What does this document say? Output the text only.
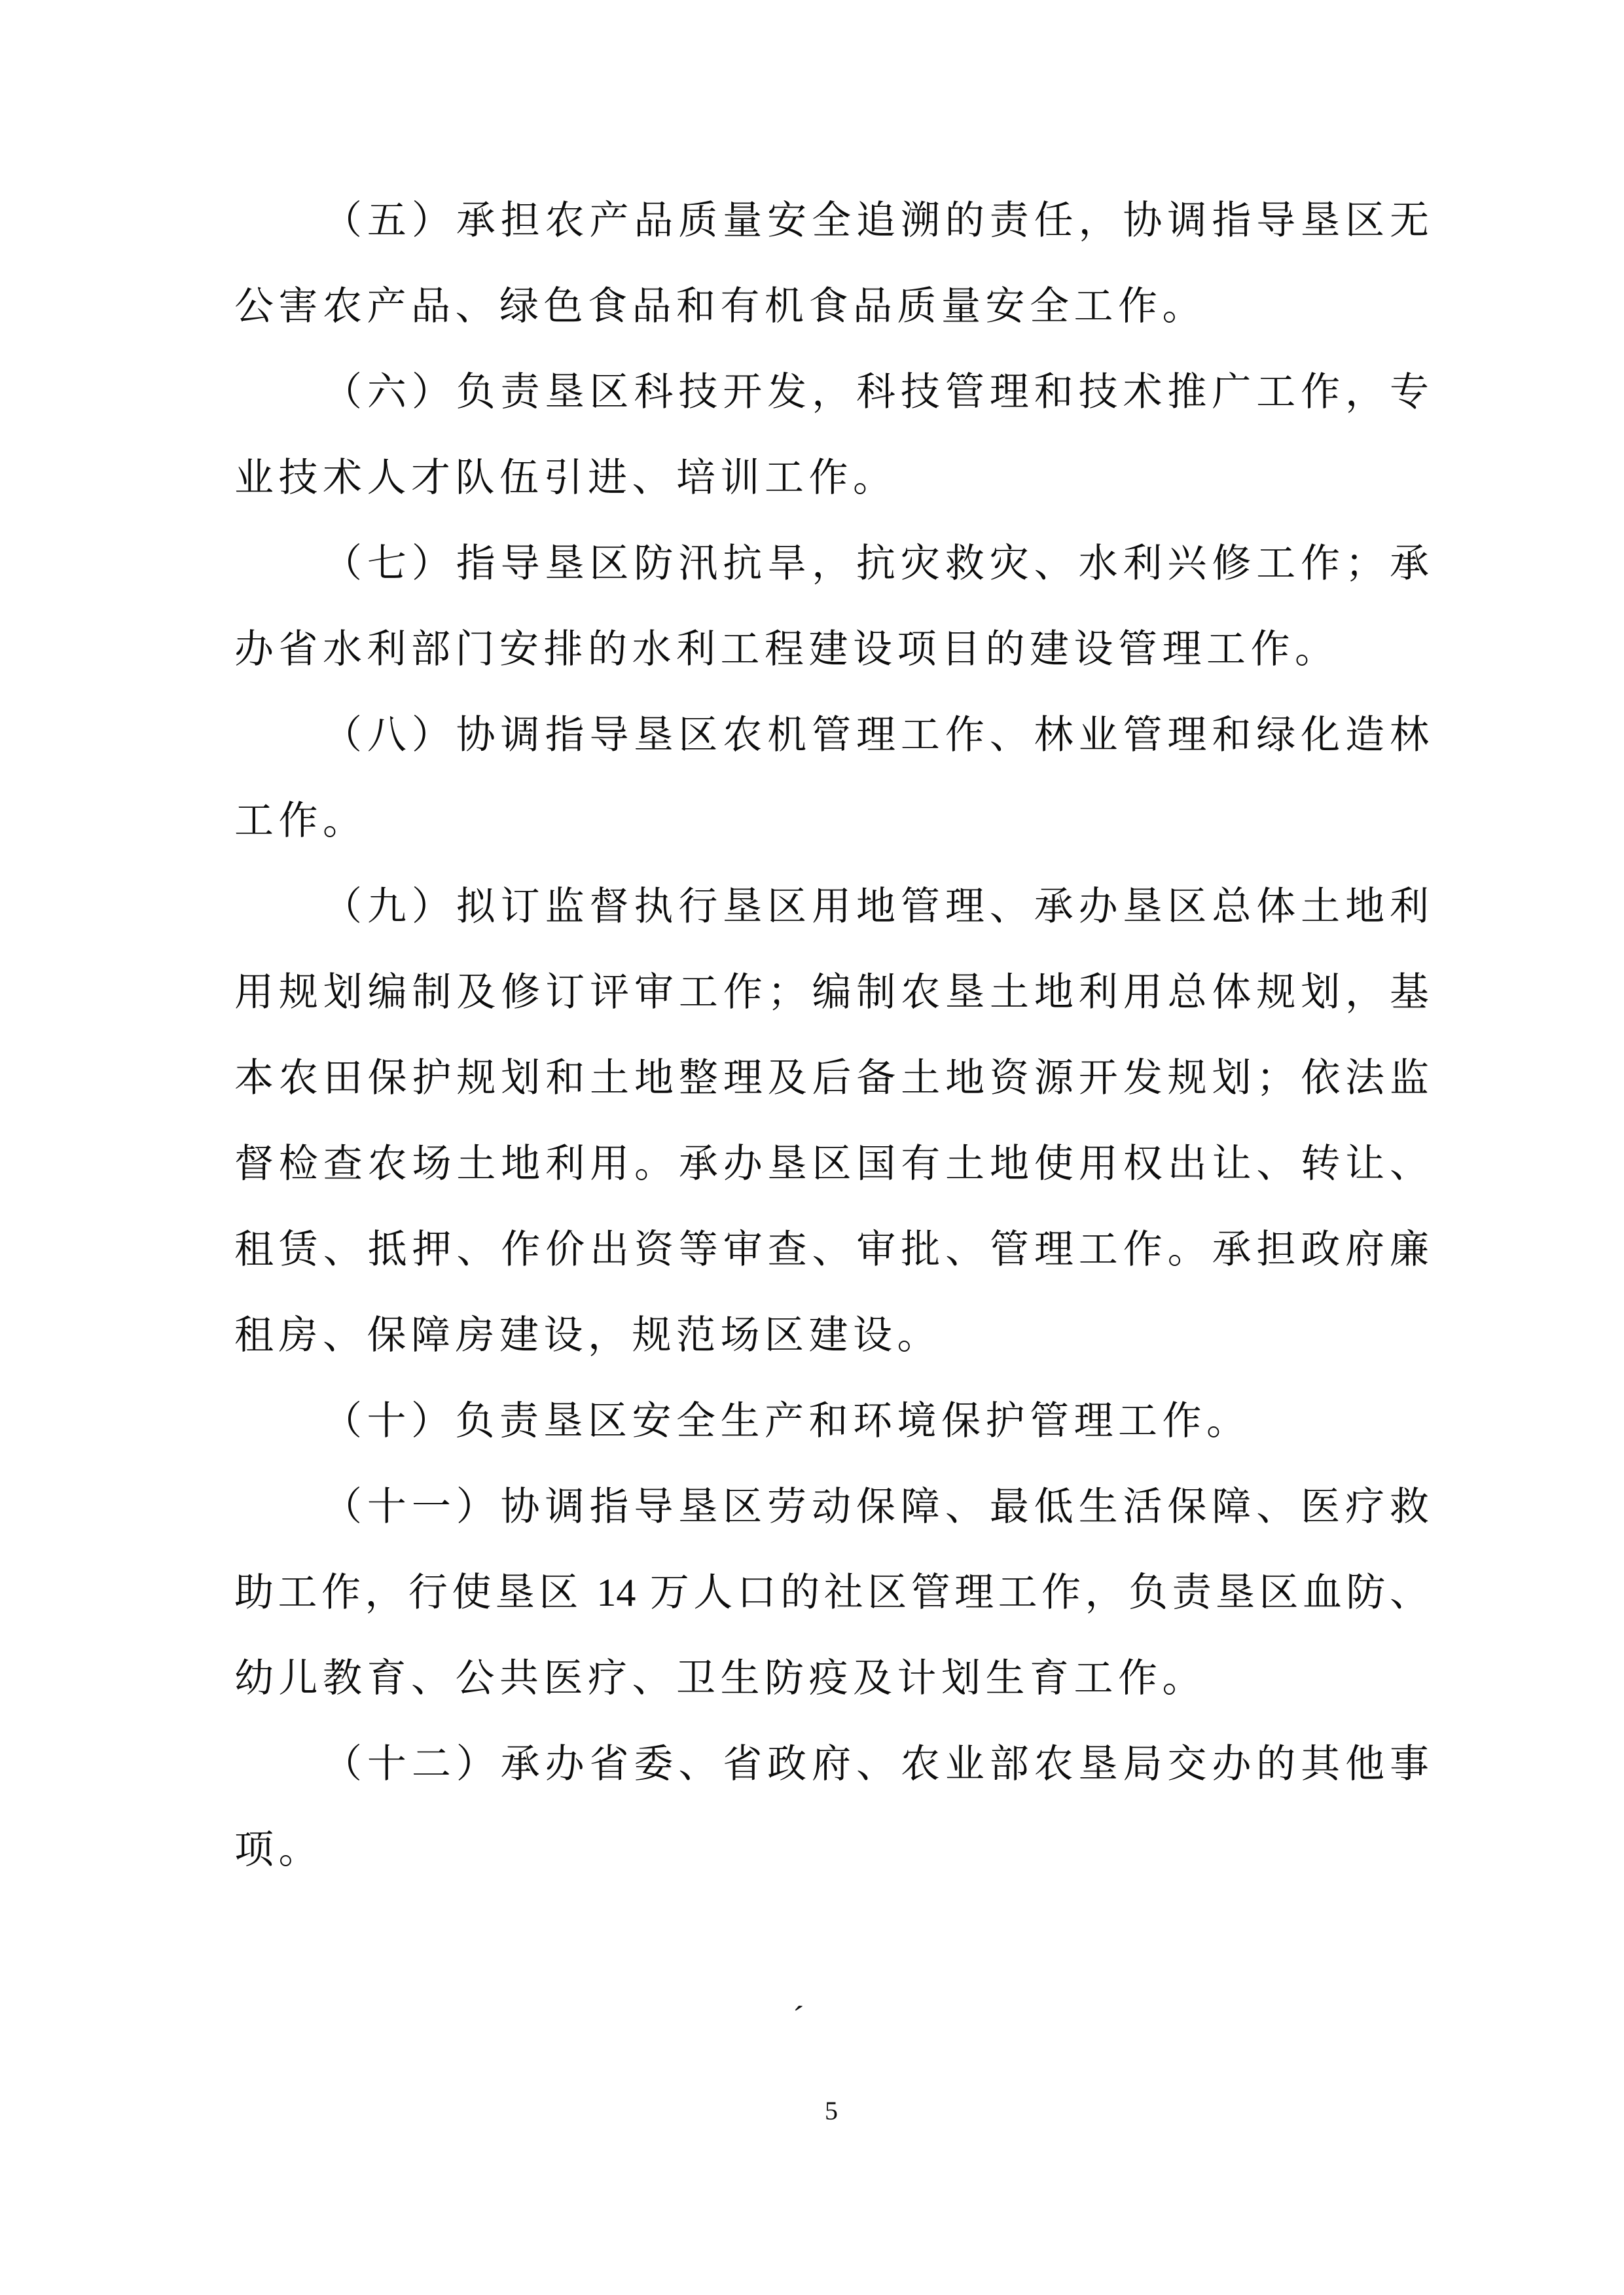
（五）承担农产品质量安全追溯的责任，协调指导垦区无
公害农产品、绿色食品和有机食品质量安全工作。

（六）负责垦区科技开发，科技管理和技术推广工作，专
业技术人才队伍引进、培训工作。

（七）指导垦区防汛抗旱，抗灾救灾、水利兴修工作；承
办省水利部门安排的水利工程建设项目的建设管理工作。

（八）协调指导垦区农机管理工作、林业管理和绿化造林
工作。

（九）拟订监督执行垦区用地管理、承办垦区总体土地利
用规划编制及修订评审工作；编制农垦土地利用总体规划，基
本农田保护规划和土地整理及后备土地资源开发规划；依法监
督检查农场土地利用。承办垦区国有土地使用权出让、转让、
租赁、抵押、作价出资等审查、审批、管理工作。承担政府廉
租房、保障房建设，规范场区建设。

（十）负责垦区安全生产和环境保护管理工作。

（十一）协调指导垦区劳动保障、最低生活保障、医疗救
助工作，行使垦区 14 万人口的社区管理工作，负责垦区血防、
幼儿教育、公共医疗、卫生防疫及计划生育工作。

（十二）承办省委、省政府、农业部农垦局交办的其他事
项。

´
5
